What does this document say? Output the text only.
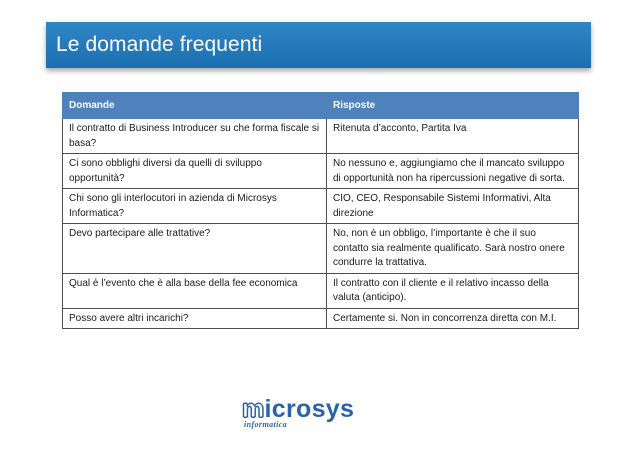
Le domande frequenti
Domande	Risposte
Il contratto di Business Introducer su che forma fiscale si basa?	Ritenuta d’acconto, Partita Iva
Ci sono obblighi diversi da quelli di sviluppo opportunità?	No nessuno e, aggiungiamo che il mancato sviluppo di opportunità non ha ripercussioni negative di sorta.
Chi sono gli interlocutori in azienda di Microsys Informatica?	CIO, CEO, Responsabile Sistemi Informativi, Alta direzione
Devo partecipare alle trattative?	No, non è un obbligo, l’importante è che il suo contatto sia realmente qualificato. Sarà nostro onere condurre la trattativa.
Qual è l’evento che è alla base della fee economica	Il contratto con il cliente e il relativo incasso della valuta (anticipo).
Posso avere altri incarichi?	Certamente si. Non in concorrenza diretta con M.I.
microsys
informatica
